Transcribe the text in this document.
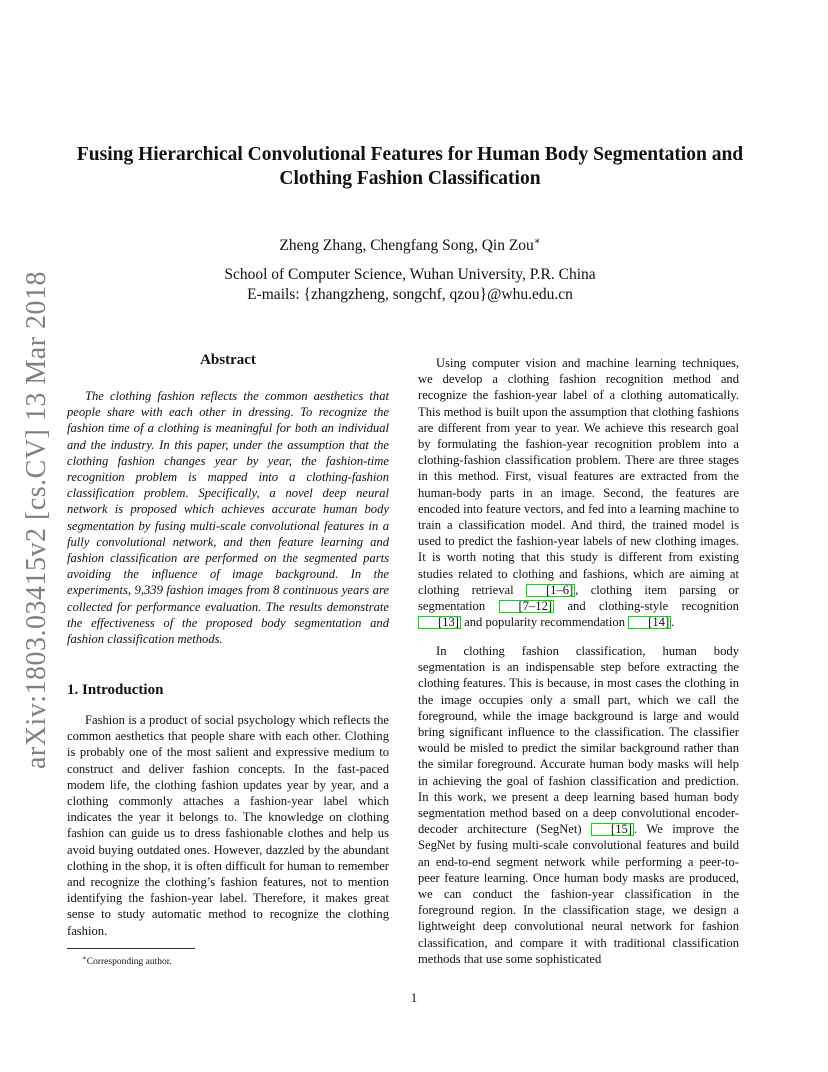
arXiv:1803.03415v2 [cs.CV] 13 Mar 2018
Fusing Hierarchical Convolutional Features for Human Body Segmentation and
Clothing Fashion Classification
Zheng Zhang, Chengfang Song, Qin Zou∗
School of Computer Science, Wuhan University, P.R. China
E-mails: {zhangzheng, songchf, qzou}@whu.edu.cn
Abstract

The clothing fashion reflects the common aesthetics that people share with each other in dressing. To recognize the fashion time of a clothing is meaningful for both an individual and the industry. In this paper, under the assumption that the clothing fashion changes year by year, the fashion-time recognition problem is mapped into a clothing-fashion classification problem. Specifically, a novel deep neural network is proposed which achieves accurate human body segmentation by fusing multi-scale convolutional features in a fully convolutional network, and then feature learning and fashion classification are performed on the segmented parts avoiding the influence of image background. In the experiments, 9,339 fashion images from 8 continuous years are collected for performance evaluation. The results demonstrate the effectiveness of the proposed body segmentation and fashion classification methods.

1. Introduction

Fashion is a product of social psychology which reflects the common aesthetics that people share with each other. Clothing is probably one of the most salient and expressive medium to construct and deliver fashion concepts. In the fast-paced modem life, the clothing fashion updates year by year, and a clothing commonly attaches a fashion-year label which indicates the year it belongs to. The knowledge on clothing fashion can guide us to dress fashionable clothes and help us avoid buying outdated ones. However, dazzled by the abundant clothing in the shop, it is often difficult for human to remember and recognize the clothing’s fashion features, not to mention identifying the fashion-year label. Therefore, it makes great sense to study automatic method to recognize the clothing fashion.

Using computer vision and machine learning techniques, we develop a clothing fashion recognition method and recognize the fashion-year label of a clothing automatically. This method is built upon the assumption that clothing fashions are different from year to year. We achieve this research goal by formulating the fashion-year recognition problem into a clothing-fashion classification problem. There are three stages in this method. First, visual features are extracted from the human-body parts in an image. Second, the features are encoded into feature vectors, and fed into a learning machine to train a classification model. And third, the trained model is used to predict the fashion-year labels of new clothing images. It is worth noting that this study is different from existing studies related to clothing and fashions, which are aiming at clothing retrieval [1–6] , clothing item parsing or segmentation [7–12] and clothing-style recognition [13] and popularity recommendation [14] .

In clothing fashion classification, human body segmentation is an indispensable step before extracting the clothing features. This is because, in most cases the clothing in the image occupies only a small part, which we call the foreground, while the image background is large and would bring significant influence to the classification. The classifier would be misled to predict the similar background rather than the similar foreground. Accurate human body masks will help in achieving the goal of fashion classification and prediction. In this work, we present a deep learning based human body segmentation method based on a deep convolutional encoder-decoder architecture (SegNet) [15] . We improve the SegNet by fusing multi-scale convolutional features and build an end-to-end segment network while performing a peer-to-peer feature learning. Once human body masks are produced, we can conduct the fashion-year classification in the foreground region. In the classification stage, we design a lightweight deep convolutional neural network for fashion classification, and compare it with traditional classification methods that use some sophisticated

∗Corresponding author.
1
